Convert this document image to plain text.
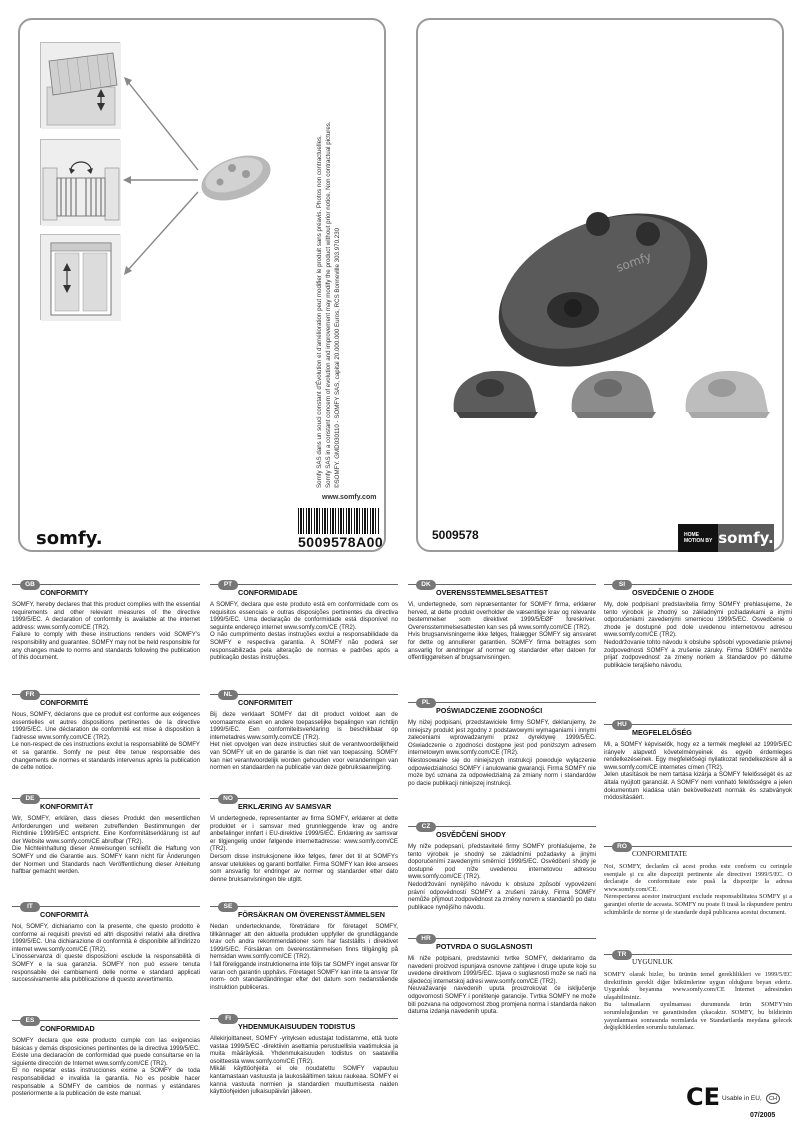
Somfy SAS dans un souci constant d'Évolution et d'amélioration peut modifier le produit sans préavis. Photos non contractuelles. Somfy SAS in a constant concern of evolution and improvement may modify the product without prior notice. Non contractual pictures. ©SOMFY. GMD030110 - SOMFY SAS, capital 20.000.000 Euros, RCS Bonneville 303.970.230
www.somfy.com
somfy.	5009578A00
somfy
5009578	HOME MOTION BY somfy.
GB
CONFORMITY

SOMFY, hereby declares that this product complies with the essential requirements and other relevant measures of the directive 1999/5/EC. A declaration of conformity is available at the internet address: www.somfy.com/CE (TR2).

Failure to comply with these instructions renders void SOMFY's responsibility and guarantee. SOMFY may not be held responsible for any changes made to norms and standards following the publication of this document.

FR
CONFORMITÉ

Nous, SOMFY, déclarons que ce produit est conforme aux exigences essentielles et autres dispositions pertinentes de la directive 1999/5/EC. Une déclaration de conformité est mise à disposition à l'adresse www.somfy.com/CE (TR2).

Le non-respect de ces instructions exclut la responsabilité de SOMFY et sa garantie. Somfy ne peut être tenue responsable des changements de normes et standards intervenus après la publication de cette notice.

DE
KONFORMITÄT

Wir, SOMFY, erklären, dass dieses Produkt den wesentlichen Anforderungen und weiteren zutreffenden Bestimmungen der Richtlinie 1999/5/EC entspricht. Eine Konformitätserklärung ist auf der Website www.somfy.com/CE abrufbar (TR2).

Die Nichteinhaltung dieser Anweisungen schließt die Haftung von SOMFY und die Garantie aus. SOMFY kann nicht für Änderungen der Normen und Standards nach Veröffentlichung dieser Anleitung haftbar gemacht werden.

IT
CONFORMITÀ

Noi, SOMFY, dichiariamo con la presente, che questo prodotto è conforme ai requisiti previsti ed altri dispositivi relativi alla direttiva 1999/5/EC. Una dichiarazione di conformità è disponibile all'indirizzo internet www.somfy.com/CE (TR2).

L'inosservanza di queste disposizioni esclude la responsabilità di SOMFY e la sua garanzia. SOMFY non può essere tenuta responsabile dei cambiamenti delle norme e standard applicati successivamente alla pubblicazione di questo avvertimento.

ES
CONFORMIDAD

SOMFY declara que este producto cumple con las exigencias básicas y demás disposiciones pertinentes de la directiva 1999/5/EC. Existe una declaración de conformidad que puede consultarse en la siguiente dirección de Internet www.somfy.com/CE (TR2).

El no respetar estas instrucciones exime a SOMFY de toda responsabilidad e invalida la garantía. No es posible hacer responsable a SOMFY de cambios de normas y estándares posteriormente a la publicación de este manual.

PT
CONFORMIDADE

A SOMFY, declara que este produto está em conformidade com os requisitos essenciais e outras disposições pertinentes da directiva 1999/5/EC. Uma declaração de conformidade está disponível no seguinte endereço internet www.somfy.com/CE (TR2).

O não cumprimento destas instruções exclui a responsabilidade da SOMFY e respectiva garantia. A SOMFY não poderá ser responsabilizada pela alteração de normas e padrões após a publicação destas instruções.

NL
CONFORMITEIT

Bij deze verklaart SOMFY dat dit product voldoet aan de voornaamste eisen en andere toepasselijke bepalingen van richtlijn 1999/5/EC. Een conformiteitsverklaring is beschikbaar op internetadres www.somfy.com/CE (TR2).

Het niet opvolgen van deze instructies sluit de verantwoordelijkheid van SOMFY uit en de garantie is dan niet van toepassing. SOMFY kan niet verantwoordelijk worden gehouden voor veranderingen van normen en standaarden na publicatie van deze gebruiksaanwijzing.

NO
ERKLÆRING AV SAMSVAR

Vi undertegnede, representanter av firma SOMFY, erklærer at dette produktet er i samsvar med grunnleggende krav og andre anbefalinger innført i EU-direktive 1999/5/EC. Erklæring av samsvar er tilgjengelig under følgende internettadresse: www.somfy.com/CE (TR2).

Dersom disse instruksjonene ikke følges, fører det til at SOMFYs ansvar utelukkes og garanti bortfaller. Firma SOMFY kan ikke ansees som ansvarlig for endringer av normer og standarder etter dato denne bruksanvisningen ble utgitt.

SE
FÖRSÄKRAN OM ÖVERENSSTÄMMELSEN

Nedan undertecknande, företrädare för företaget SOMFY, tillkännager att den aktuella produkten uppfyller de grundläggande krav och andra rekommendationer som har fastställts i direktivet 1999/5/EC. Försäkran om överensstämmelsen finns tillgänglig på hemsidan www.somfy.com/CE (TR2).

I fall föreliggande instruktionerna inte följs tar SOMFY inget ansvar för varan och garantin upphävs. Företaget SOMFY kan inte ta ansvar för norm- och standardändringar efter det datum som nedanstående instruktion publiceras.

FI
YHDENMUKAISUUDEN TODISTUS

Allekirjoittaneet, SOMFY -yrityksen edustajat todistamme, että tuote vastaa 1999/5/EC -direktiivin asettamia perustuellisia vaatimuksia ja muita määräyksiä. Yhdenmukaisuuden todistus on saatavilla osoitteesta www.somfy.com/CE (TR2).

Mikäli käyttöohjeita ei ole noudatettu SOMFY vapautuu kantamastaan vastuusta ja laukosäältimen takuu raukeaa. SOMFY ei kanna vastuuta normien ja standardien muuttumisesta naiden käyttöohjeiden julkaisupäivän jälkeen.

DK
OVERENSSTEMMELSESATTEST

Vi, undertegnede, som repræsentanter for SOMFY firma, erklærer herved, at dette produkt overholder de væsentlige krav og relevante bestemmelser som direktivet 1999/5/EØF foreskriver. Overensstemmelsesattesten kan ses på www.somfy.com/CE (TR2).

Hvis brugsanvisningerne ikke følges, fralægger SOMFY sig ansvaret for dette og annullerer garantien. SOMFY firma betragtes som ansvarlig for ændringer af normer og standarder efter datoen for offentliggørelsen af brugsanvisningen.

PL
POŚWIADCZENIE ZGODNOŚCI

My niżej podpisani, przedstawiciele firmy SOMFY, deklarujemy, że niniejszy produkt jest zgodny z podstawowymi wymaganiami i innymi zaleceniami wprowadzanymi przez dyrektywę 1999/5/EC. Oświadczenie o zgodności dostępne jest pod poniższym adresem internetowym www.somfy.com/CE (TR2).

Niestosowanie się do niniejszych instrukcji powoduje wyłączenie odpowiedzialności SOMFY i anulowanie gwarancji. Firma SOMFY nie może być uznana za odpowiedzialną za zmiany norm i standardów po dacie publikacji niniejszej instrukcji.

CZ
OSVĚDČENÍ SHODY

My níže podepsaní, představitelé firmy SOMFY prohlašujeme, že tento výrobek je shodný se základními požadavky a jinými doporučeními zavedenými směrnicí 1999/5/EC. Osvědčení shody je dostupné pod níže uvedenou internetovou adresou www.somfy.com/CE (TR2).

Nedodržování nynějšího návodu k obsluze způsobí vypovězení právní odpovědnosti SOMFY a zrušení záruky. Firma SOMFY nemůže přijmout zodpovědnost za změny norem a standardů po datu publikace nynějšího návodu.

HR
POTVRDA O SUGLASNOSTI

Mi niže potpisani, predstavnici tvrtke SOMFY, deklariramo da navedeni proizvod ispunjava osnovne zahtjeve i druge upute koje su uvedene direktivom 1999/5/EC. Izjava o suglasnosti može se naći na sljedećoj internetskoj adresi www.somfy.com/CE (TR2).

Neuvažavanje navedenih uputa prouzrokovat će isključenje odgovornosti SOMFY i poništenje garancije. Tvrtka SOMFY ne može biti pozvana na odgovornost zbog promjena norma i standarda nakon datuma izdanja navedenih uputa.

SI
OSVEDČENIE O ZHODE

My, dole podpísaní predstavitelia firmy SOMFY prehlasujeme, že tento výrobok je zhodný so základnými požiadavkami a inými odporučeniami zavedenými smernicou 1999/5/EC. Osvedčenie o zhode je dostupné pod dole uvedenou internetovou adresou www.somfy.com/CE (TR2).

Nedodržovanie tohto návodu k obsluhe spôsobí vypovedanie právnej zodpovednosti SOMFY a zrušenie záruky. Firma SOMFY nemôže prijať zodpovednosť za zmeny noriem a štandardov po dátume publikácie terajšieho návodu.

HU
MEGFELELŐSÉG

Mi, a SOMFY képviselők, hogy ez a termék megfelel az 1999/5/EC irányelv alapvető követelményeinek és egyéb érdemleges rendelkezéseinek. Egy megfelelőségi nyilatkozat rendelkezésre áll a www.somfy.com/CE internetes címen (TR2).

Jelen utasítások be nem tartása kizárja a SOMFY felelősségét és az általa nyújtott garanciát. A SOMFY nem vonható felelősségre a jelen dokumentum kiadása után bekövetkezett normák és szabványok módosításáért.

RO
CONFORMITATE

Noi, SOMFY, declarăm că acest produs este conform cu cerinţele esenţiale şi cu alte dispoziţii pertinente ale directivei 1999/5/EC. O declaraţie de conformitate este pusă la dispoziţie la adresa www.somfy.com/CE.

Nerespectarea acestor instrucţiuni exclude responsabilitatea SOMFY şi a garanţiei oferite de aceasta. SOMFY nu poate fi trasă la răspundere pentru schimbările de norme şi de standarde după publicarea acestui document.

TR
UYGUNLUK

SOMFY olarak bizler, bu ürünün temel gereklilikleri ve 1999/5/EC direktifinin gerekli diğer hükümlerine uygun olduğunu beyan ederiz. Uygunluk beyanına www.somfy.com/CE İnternet adresinden ulaşabilirsiniz.

Bu talimatların uyulmaması durumunda ürün SOMFY'nin sorumluluğundan ve garantisinden çıkacaktır. SOMFY, bu bildirinin yayınlanması sonrasında normlarda ve Standartlarda meydana gelecek değişikliklerden sorumlu tutulamaz.

CE Usable in EU,	CH
07/2005
